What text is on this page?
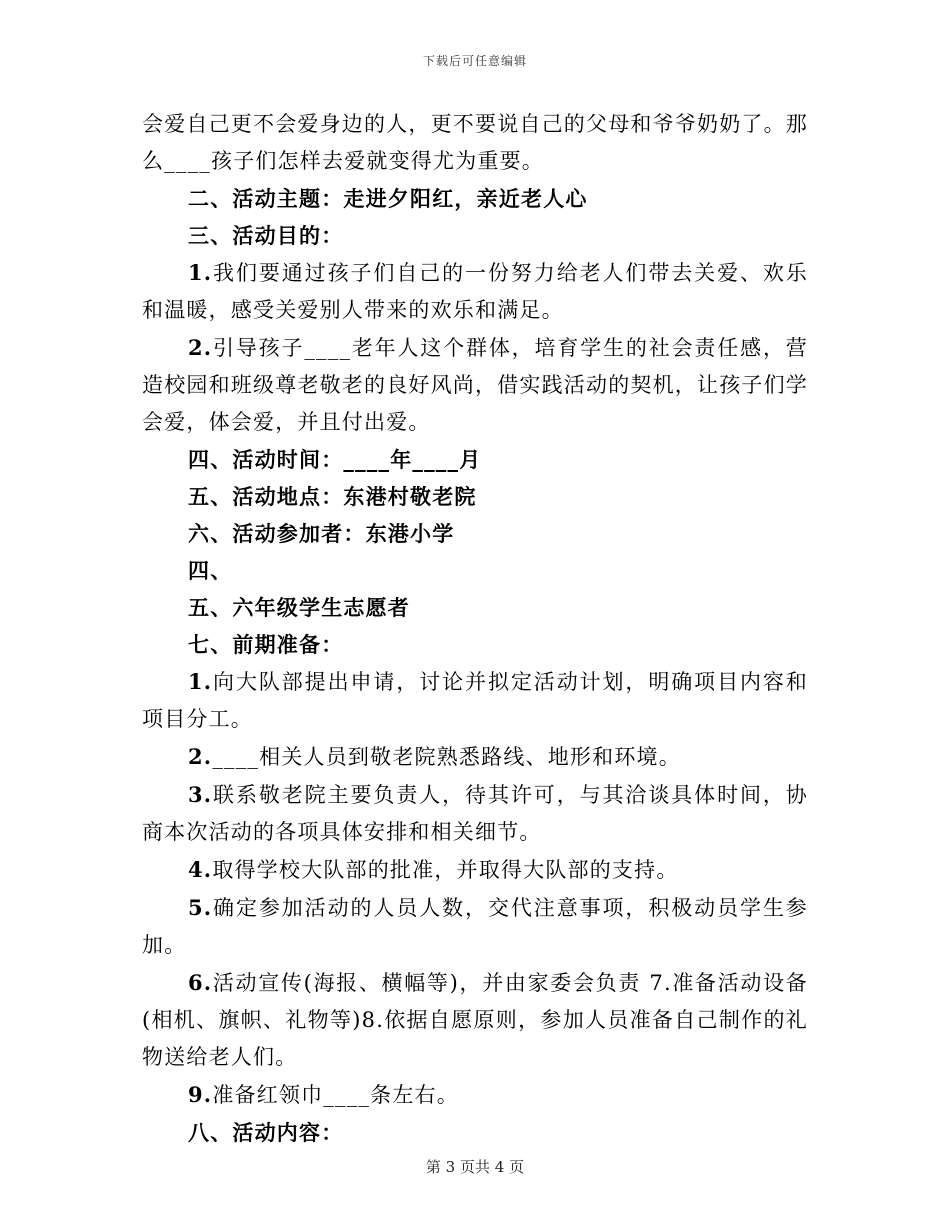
下载后可任意编辑

会爱自己更不会爱身边的人，更不要说自己的父母和爷爷奶奶了。那么____孩子们怎样去爱就变得尤为重要。

二、活动主题：走进夕阳红，亲近老人心

三、活动目的：

1.我们要通过孩子们自己的一份努力给老人们带去关爱、欢乐和温暖，感受关爱别人带来的欢乐和满足。

2.引导孩子____老年人这个群体，培育学生的社会责任感，营造校园和班级尊老敬老的良好风尚，借实践活动的契机，让孩子们学会爱，体会爱，并且付出爱。

四、活动时间：____年____月

五、活动地点：东港村敬老院

六、活动参加者：东港小学

四、

五、六年级学生志愿者

七、前期准备：

1.向大队部提出申请，讨论并拟定活动计划，明确项目内容和项目分工。

2.____相关人员到敬老院熟悉路线、地形和环境。

3.联系敬老院主要负责人，待其许可，与其洽谈具体时间，协商本次活动的各项具体安排和相关细节。

4.取得学校大队部的批准，并取得大队部的支持。

5.确定参加活动的人员人数，交代注意事项，积极动员学生参加。

6.活动宣传(海报、横幅等)，并由家委会负责 7.准备活动设备(相机、旗帜、礼物等)8.依据自愿原则，参加人员准备自己制作的礼物送给老人们。

9.准备红领巾____条左右。

八、活动内容：

第 3 页共 4 页
